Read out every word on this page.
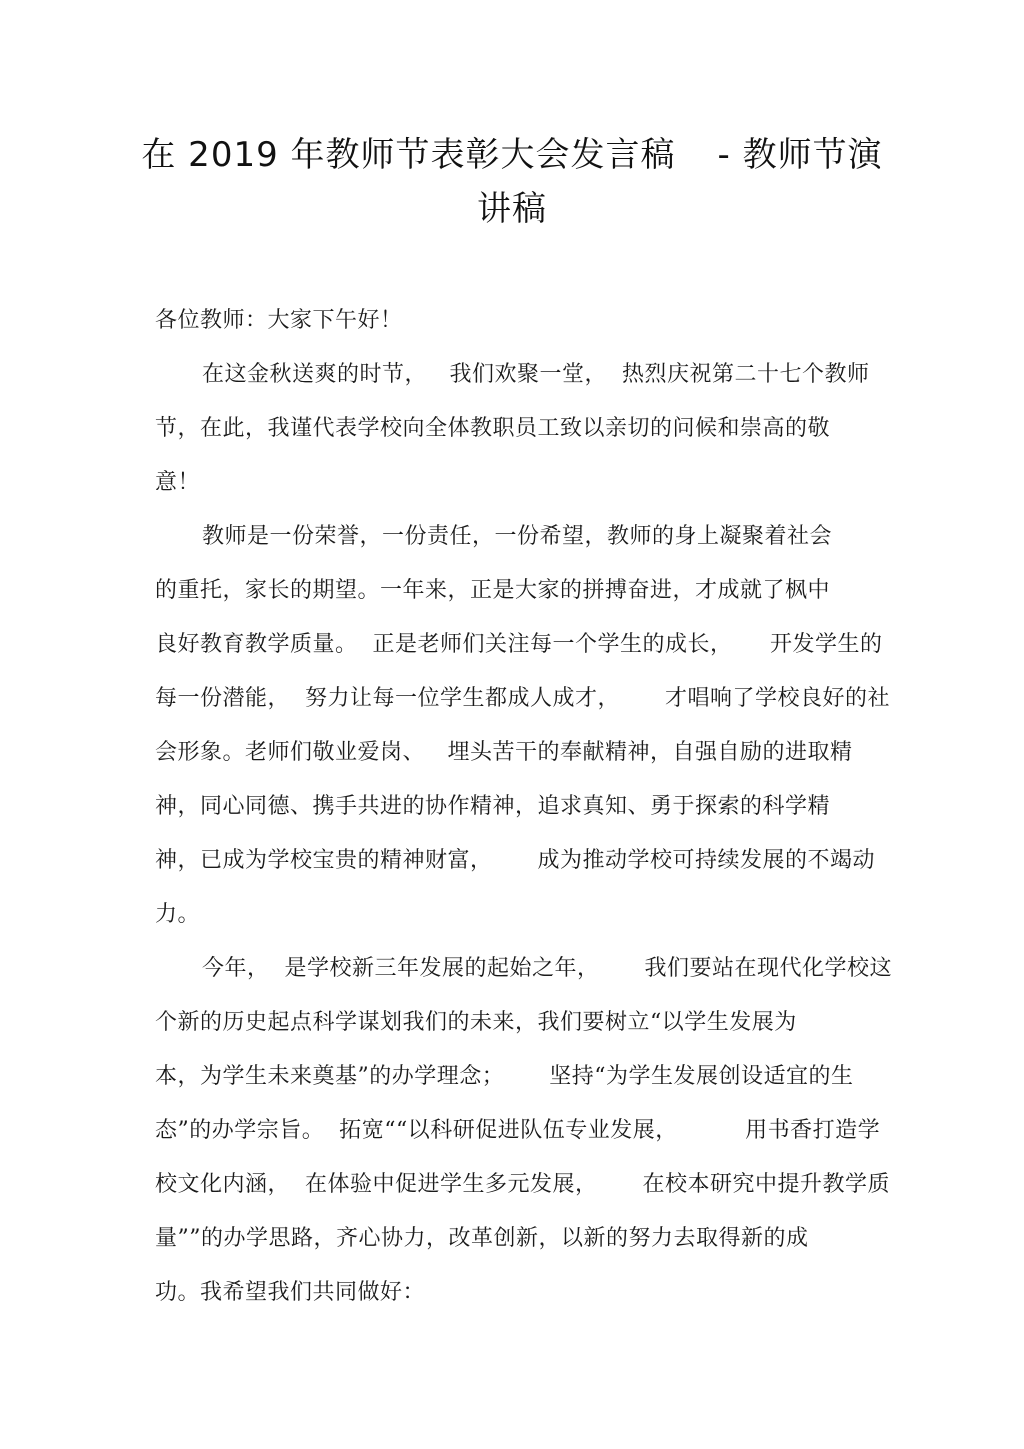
在 2019 年教师节表彰大会发言稿 - 教师节演
讲稿
各位教师：大家下午好！
在这金秋送爽的时节，   我们欢聚一堂，  热烈庆祝第二十七个教师
节，在此，我谨代表学校向全体教职员工致以亲切的问候和崇高的敬
意！
教师是一份荣誉，一份责任，一份希望，教师的身上凝聚着社会
的重托，家长的期望。一年来，正是大家的拼搏奋进，才成就了枫中
良好教育教学质量。  正是老师们关注每一个学生的成长，     开发学生的
每一份潜能，  努力让每一位学生都成人成才，      才唱响了学校良好的社
会形象。老师们敬业爱岗、   埋头苦干的奉献精神，自强自励的进取精
神，同心同德、携手共进的协作精神，追求真知、勇于探索的科学精
神，已成为学校宝贵的精神财富，      成为推动学校可持续发展的不竭动
力。
今年，  是学校新三年发展的起始之年，      我们要站在现代化学校这
个新的历史起点科学谋划我们的未来，我们要树立“以学生发展为
本，为学生未来奠基”的办学理念；      坚持“为学生发展创设适宜的生
态”的办学宗旨。  拓宽““以科研促进队伍专业发展，         用书香打造学
校文化内涵，  在体验中促进学生多元发展，      在校本研究中提升教学质
量””的办学思路，齐心协力，改革创新，以新的努力去取得新的成
功。我希望我们共同做好：
